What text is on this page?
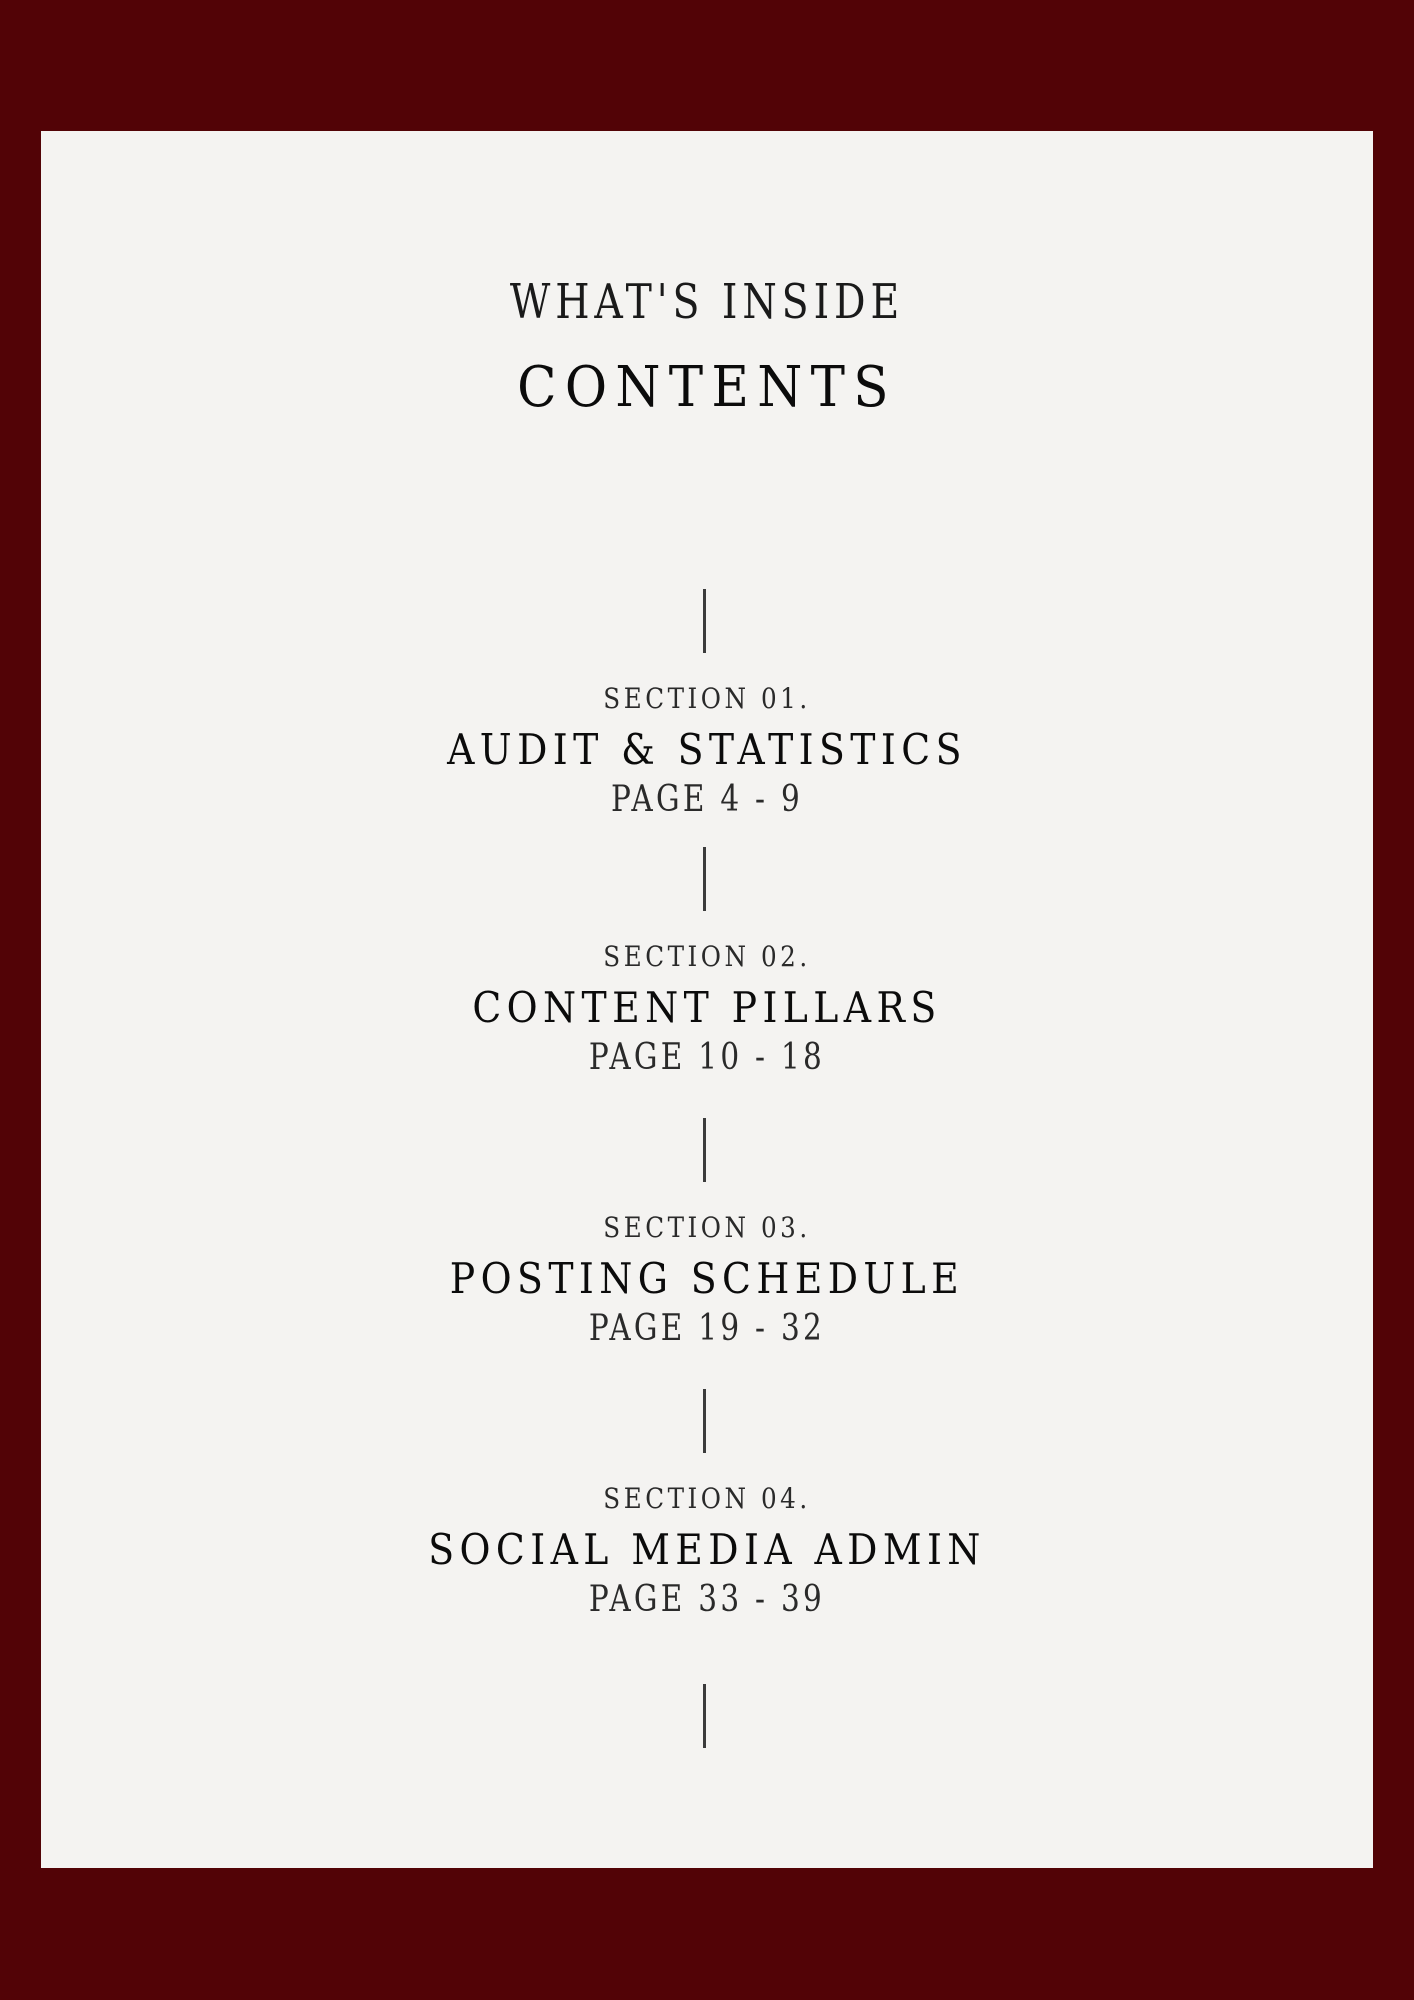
WHAT'S INSIDE
CONTENTS
SECTION 01.
AUDIT & STATISTICS
PAGE 4 - 9
SECTION 02.
CONTENT PILLARS
PAGE 10 - 18
SECTION 03.
POSTING SCHEDULE
PAGE 19 - 32
SECTION 04.
SOCIAL MEDIA ADMIN
PAGE 33 - 39
